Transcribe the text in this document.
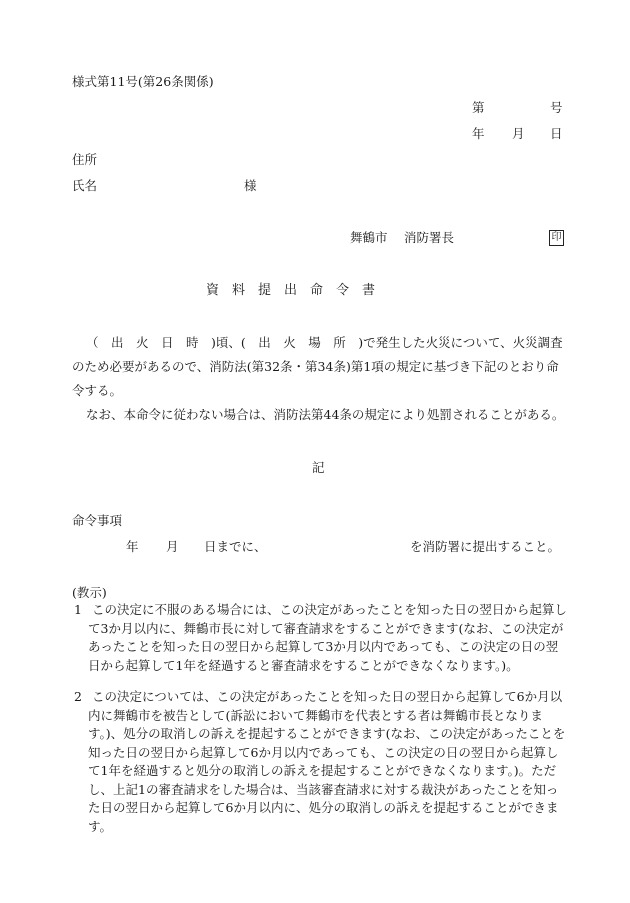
様式第11号(第26条関係)
第	号
年 月 日
住所
氏名	様
舞鶴市 消防署長	印
資　料　提　出　命　令　書
（　出　火　日　時　)頃、(　出　火　場　所　)で発生した火災について、火災調査のため必要があるので、消防法(第32条・第34条)第1項の規定に基づき下記のとおり命令する。
なお、本命令に従わない場合は、消防法第44条の規定により処罰されることがある。
記
命令事項
年 月 日までに、	を消防署に提出すること。
(教示)
1 この決定に不服のある場合には、この決定があったことを知った日の翌日から起算して3か月以内に、舞鶴市長に対して審査請求をすることができます(なお、この決定があったことを知った日の翌日から起算して3か月以内であっても、この決定の日の翌日から起算して1年を経過すると審査請求をすることができなくなります。)。
2 この決定については、この決定があったことを知った日の翌日から起算して6か月以内に舞鶴市を被告として(訴訟において舞鶴市を代表とする者は舞鶴市長となります。)、処分の取消しの訴えを提起することができます(なお、この決定があったことを知った日の翌日から起算して6か月以内であっても、この決定の日の翌日から起算して1年を経過すると処分の取消しの訴えを提起することができなくなります。)。ただし、上記1の審査請求をした場合は、当該審査請求に対する裁決があったことを知った日の翌日から起算して6か月以内に、処分の取消しの訴えを提起することができます。
